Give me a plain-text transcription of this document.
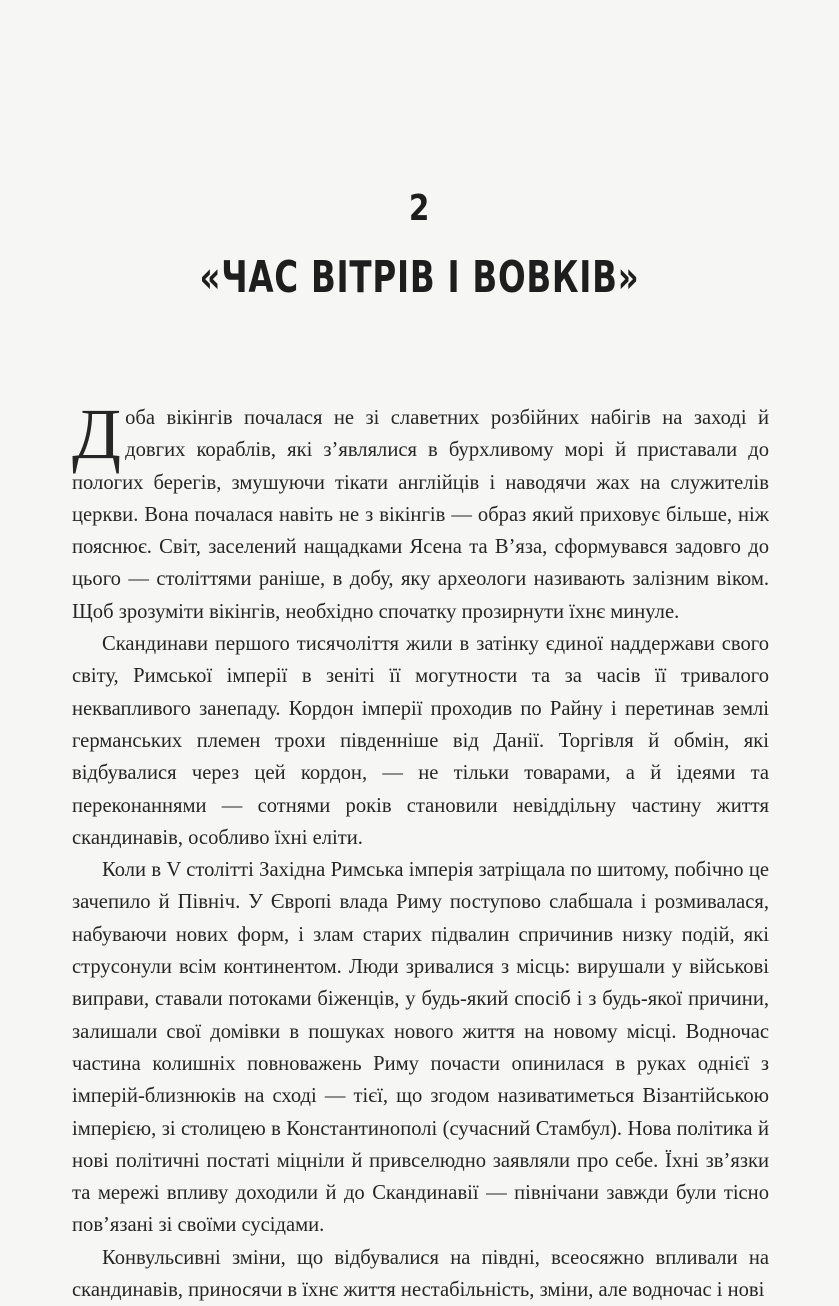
2
«ЧАС ВІТРІВ І ВОВКІВ»

Доба вікінгів почалася не зі славетних розбійних набігів на заході й довгих кораблів, які з’являлися в бурхливому морі й приставали до пологих берегів, змушуючи тікати англійців і наводячи жах на служителів церкви. Вона почалася навіть не з вікінгів — образ який приховує більше, ніж пояснює. Світ, заселений нащадками Ясена та В’яза, сформувався задовго до цього — століттями раніше, в добу, яку археологи називають залізним віком. Щоб зрозуміти вікінгів, необхідно спочатку прозирнути їхнє минуле.

Скандинави першого тисячоліття жили в затінку єдиної наддержави свого світу, Римської імперії в зеніті її могутности та за часів її тривалого неквапливого занепаду. Кордон імперії проходив по Райну і перетинав землі германських племен трохи південніше від Данії. Торгівля й обмін, які відбувалися через цей кордон, — не тільки товарами, а й ідеями та переконаннями — сотнями років становили невіддільну частину життя скандинавів, особливо їхні еліти.

Коли в V столітті Західна Римська імперія затріщала по шитому, побічно це зачепило й Північ. У Європі влада Риму поступово слабшала і розмивалася, набуваючи нових форм, і злам старих підвалин спричинив низку подій, які струсонули всім континентом. Люди зривалися з місць: вирушали у військові виправи, ставали потоками біженців, у будь-який спосіб і з будь-якої причини, залишали свої домівки в пошуках нового життя на новому місці. Водночас частина колишніх повноважень Риму почасти опинилася в руках однієї з імперій-близнюків на сході — тієї, що згодом називатиметься Візантійською імперією, зі столицею в Константинополі (сучасний Стамбул). Нова політика й нові політичні постаті міцніли й привселюдно заявляли про себе. Їхні зв’язки та мережі впливу доходили й до Скандинавії — північани завжди були тісно пов’язані зі своїми сусідами.

Конвульсивні зміни, що відбувалися на півдні, всеосяжно впливали на скандинавів, приносячи в їхнє життя нестабільність, зміни, але водночас і нові
